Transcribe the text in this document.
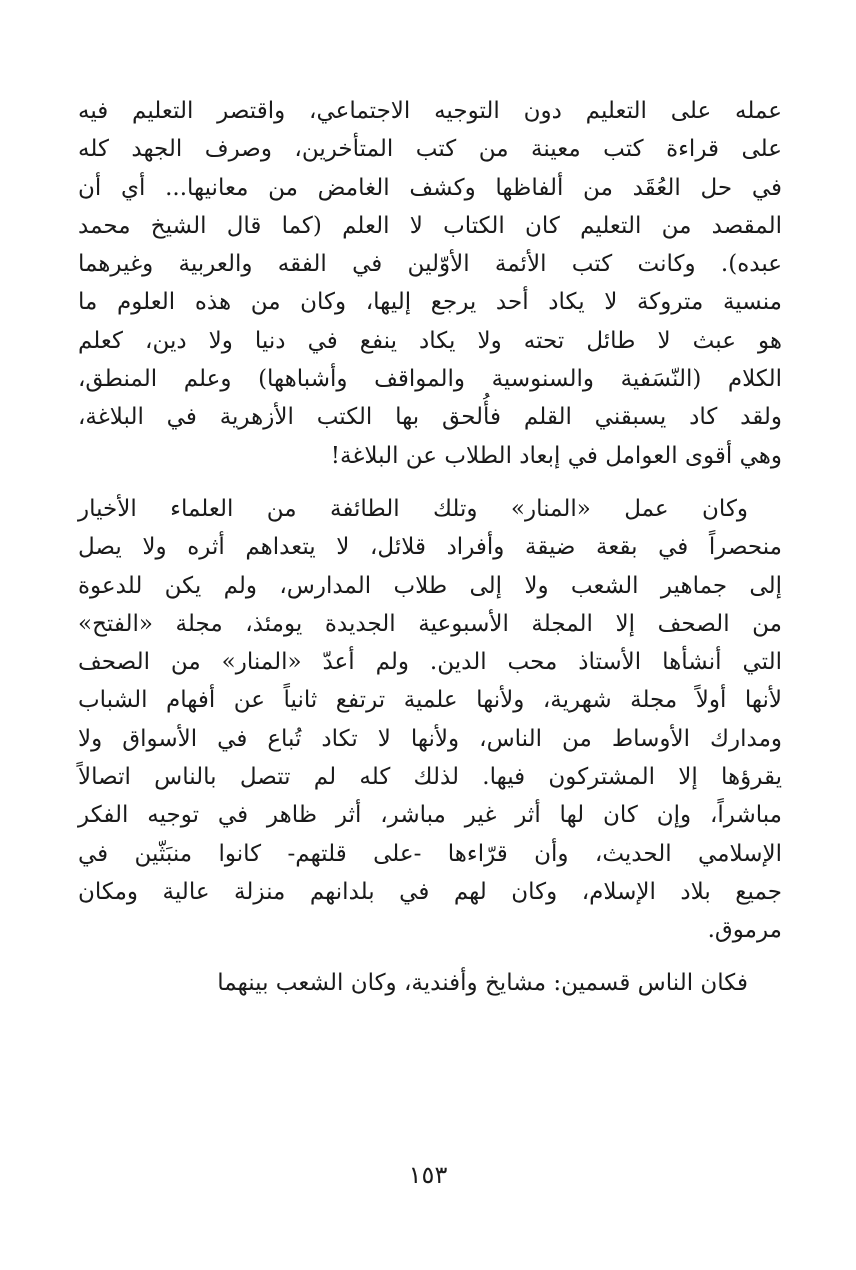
عمله على التعليم دون التوجيه الاجتماعي، واقتصر التعليم فيه
على قراءة كتب معينة من كتب المتأخرين، وصرف الجهد كله
في حل العُقَد من ألفاظها وكشف الغامض من معانيها... أي أن
المقصد من التعليم كان الكتاب لا العلم (كما قال الشيخ محمد
عبده). وكانت كتب الأئمة الأوّلين في الفقه والعربية وغيرهما
منسية متروكة لا يكاد أحد يرجع إليها، وكان من هذه العلوم ما
هو عبث لا طائل تحته ولا يكاد ينفع في دنيا ولا دين، كعلم
الكلام (النّسَفية والسنوسية والمواقف وأشباهها) وعلم المنطق،
ولقد كاد يسبقني القلم فأُلحق بها الكتب الأزهرية في البلاغة،
وهي أقوى العوامل في إبعاد الطلاب عن البلاغة!
وكان عمل «المنار» وتلك الطائفة من العلماء الأخيار
منحصراً في بقعة ضيقة وأفراد قلائل، لا يتعداهم أثره ولا يصل
إلى جماهير الشعب ولا إلى طلاب المدارس، ولم يكن للدعوة
من الصحف إلا المجلة الأسبوعية الجديدة يومئذ، مجلة «الفتح»
التي أنشأها الأستاذ محب الدين. ولم أعدّ «المنار» من الصحف
لأنها أولاً مجلة شهرية، ولأنها علمية ترتفع ثانياً عن أفهام الشباب
ومدارك الأوساط من الناس، ولأنها لا تكاد تُباع في الأسواق ولا
يقرؤها إلا المشتركون فيها. لذلك كله لم تتصل بالناس اتصالاً
مباشراً، وإن كان لها أثر غير مباشر، أثر ظاهر في توجيه الفكر
الإسلامي الحديث، وأن قرّاءها -على قلتهم- كانوا منبَثّين في
جميع بلاد الإسلام، وكان لهم في بلدانهم منزلة عالية ومكان
مرموق.
فكان الناس قسمين: مشايخ وأفندية، وكان الشعب بينهما
١٥٣
